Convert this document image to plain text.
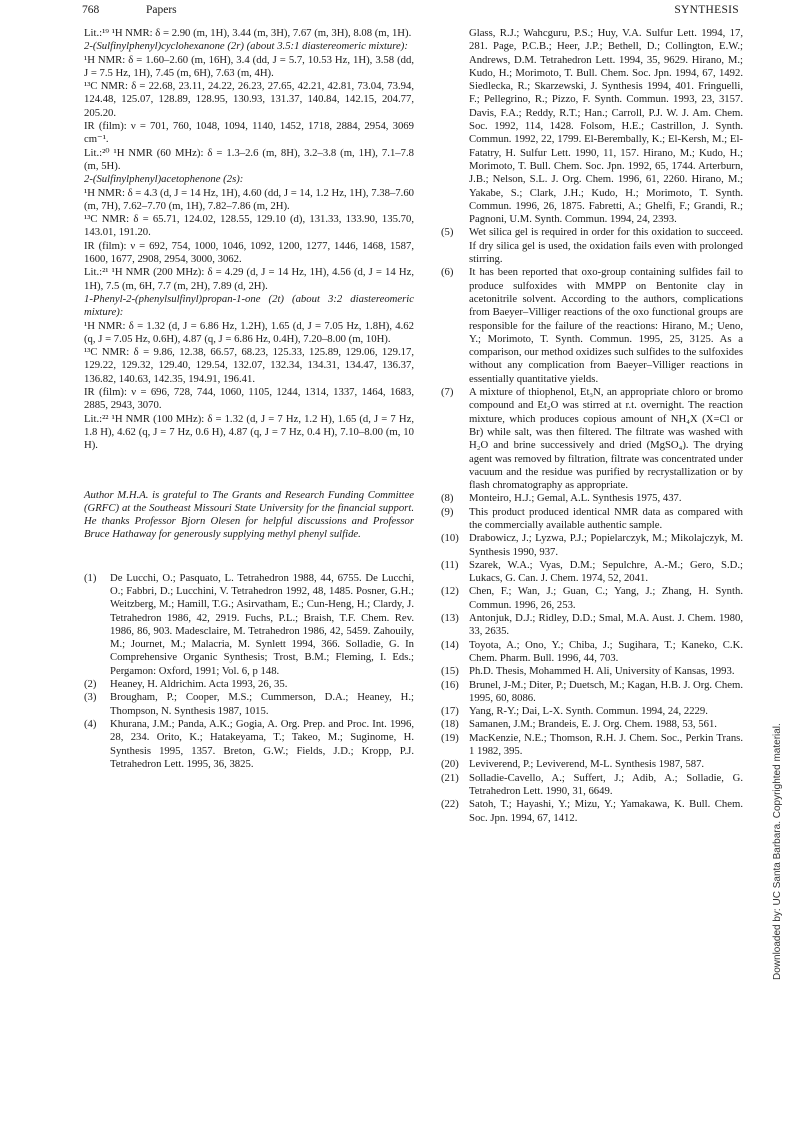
768	Papers	SYNTHESIS

Lit.:¹⁹ ¹H NMR: δ = 2.90 (m, 1H), 3.44 (m, 3H), 7.67 (m, 3H), 8.08 (m, 1H).

2-(Sulfinylphenyl)cyclohexanone (2r) (about 3.5:1 diastereomeric mixture):

¹H NMR: δ = 1.60–2.60 (m, 16H), 3.4 (dd, J = 5.7, 10.53 Hz, 1H), 3.58 (dd, J = 7.5 Hz, 1H), 7.45 (m, 6H), 7.63 (m, 4H).

¹³C NMR: δ = 22.68, 23.11, 24.22, 26.23, 27.65, 42.21, 42.81, 73.04, 73.94, 124.48, 125.07, 128.89, 128.95, 130.93, 131.37, 140.84, 142.15, 204.77, 205.20.

IR (film): ν = 701, 760, 1048, 1094, 1140, 1452, 1718, 2884, 2954, 3069 cm⁻¹.

Lit.:²⁰ ¹H NMR (60 MHz): δ = 1.3–2.6 (m, 8H), 3.2–3.8 (m, 1H), 7.1–7.8 (m, 5H).

2-(Sulfinylphenyl)acetophenone (2s):

¹H NMR: δ = 4.3 (d, J = 14 Hz, 1H), 4.60 (dd, J = 14, 1.2 Hz, 1H), 7.38–7.60 (m, 7H), 7.62–7.70 (m, 1H), 7.82–7.86 (m, 2H).

¹³C NMR: δ = 65.71, 124.02, 128.55, 129.10 (d), 131.33, 133.90, 135.70, 143.01, 191.20.

IR (film): ν = 692, 754, 1000, 1046, 1092, 1200, 1277, 1446, 1468, 1587, 1600, 1677, 2908, 2954, 3000, 3062.

Lit.:²¹ ¹H NMR (200 MHz): δ = 4.29 (d, J = 14 Hz, 1H), 4.56 (d, J = 14 Hz, 1H), 7.5 (m, 6H, 7.7 (m, 2H), 7.89 (d, 2H).

1-Phenyl-2-(phenylsulfinyl)propan-1-one (2t) (about 3:2 diastereomeric mixture):

¹H NMR: δ = 1.32 (d, J = 6.86 Hz, 1.2H), 1.65 (d, J = 7.05 Hz, 1.8H), 4.62 (q, J = 7.05 Hz, 0.6H), 4.87 (q, J = 6.86 Hz, 0.4H), 7.20–8.00 (m, 10H).

¹³C NMR: δ = 9.86, 12.38, 66.57, 68.23, 125.33, 125.89, 129.06, 129.17, 129.22, 129.32, 129.40, 129.54, 132.07, 132.34, 134.31, 134.47, 136.37, 136.82, 140.63, 142.35, 194.91, 196.41.

IR (film): ν = 696, 728, 744, 1060, 1105, 1244, 1314, 1337, 1464, 1683, 2885, 2943, 3070.

Lit.:²² ¹H NMR (100 MHz): δ = 1.32 (d, J = 7 Hz, 1.2 H), 1.65 (d, J = 7 Hz, 1.8 H), 4.62 (q, J = 7 Hz, 0.6 H), 4.87 (q, J = 7 Hz, 0.4 H), 7.10–8.00 (m, 10 H).

Author M.H.A. is grateful to The Grants and Research Funding Committee (GRFC) at the Southeast Missouri State University for the financial support. He thanks Professor Bjorn Olesen for helpful discussions and Professor Bruce Hathaway for generously supplying methyl phenyl sulfide.

(1)	De Lucchi, O.; Pasquato, L. Tetrahedron 1988, 44, 6755. De Lucchi, O.; Fabbri, D.; Lucchini, V. Tetrahedron 1992, 48, 1485. Posner, G.H.; Weitzberg, M.; Hamill, T.G.; Asirvatham, E.; Cun-Heng, H.; Clardy, J. Tetrahedron 1986, 42, 2919. Fuchs, P.L.; Braish, T.F. Chem. Rev. 1986, 86, 903. Madesclaire, M. Tetrahedron 1986, 42, 5459. Zahouily, M.; Journet, M.; Malacria, M. Synlett 1994, 366. Solladie, G. In Comprehensive Organic Synthesis; Trost, B.M.; Fleming, I. Eds.; Pergamon: Oxford, 1991; Vol. 6, p 148.
(2)	Heaney, H. Aldrichim. Acta 1993, 26, 35.
(3)	Brougham, P.; Cooper, M.S.; Cummerson, D.A.; Heaney, H.; Thompson, N. Synthesis 1987, 1015.
(4)	Khurana, J.M.; Panda, A.K.; Gogia, A. Org. Prep. and Proc. Int. 1996, 28, 234. Orito, K.; Hatakeyama, T.; Takeo, M.; Suginome, H. Synthesis 1995, 1357. Breton, G.W.; Fields, J.D.; Kropp, P.J. Tetrahedron Lett. 1995, 36, 3825.
Glass, R.J.; Wahcguru, P.S.; Huy, V.A. Sulfur Lett. 1994, 17, 281. Page, P.C.B.; Heer, J.P.; Bethell, D.; Collington, E.W.; Andrews, D.M. Tetrahedron Lett. 1994, 35, 9629. Hirano, M.; Kudo, H.; Morimoto, T. Bull. Chem. Soc. Jpn. 1994, 67, 1492. Siedlecka, R.; Skarzewski, J. Synthesis 1994, 401. Fringuelli, F.; Pellegrino, R.; Pizzo, F. Synth. Commun. 1993, 23, 3157. Davis, F.A.; Reddy, R.T.; Han.; Carroll, P.J. W. J. Am. Chem. Soc. 1992, 114, 1428. Folsom, H.E.; Castrillon, J. Synth. Commun. 1992, 22, 1799. El-Berembally, K.; El-Kersh, M.; El-Fatatry, H. Sulfur Lett. 1990, 11, 157. Hirano, M.; Kudo, H.; Morimoto, T. Bull. Chem. Soc. Jpn. 1992, 65, 1744. Arterburn, J.B.; Nelson, S.L. J. Org. Chem. 1996, 61, 2260. Hirano, M.; Yakabe, S.; Clark, J.H.; Kudo, H.; Morimoto, T. Synth. Commun. 1996, 26, 1875. Fabretti, A.; Ghelfi, F.; Grandi, R.; Pagnoni, U.M. Synth. Commun. 1994, 24, 2393.
(5)	Wet silica gel is required in order for this oxidation to succeed. If dry silica gel is used, the oxidation fails even with prolonged stirring.
(6)	It has been reported that oxo-group containing sulfides fail to produce sulfoxides with MMPP on Bentonite clay in acetonitrile solvent. According to the authors, complications from Baeyer–Villiger reactions of the oxo functional groups are responsible for the failure of the reactions: Hirano, M.; Ueno, Y.; Morimoto, T. Synth. Commun. 1995, 25, 3125. As a comparison, our method oxidizes such sulfides to the sulfoxides without any complication from Baeyer–Villiger reactions in essentially quantitative yields.
(7)	A mixture of thiophenol, Et₃N, an appropriate chloro or bromo compound and Et₂O was stirred at r.t. overnight. The reaction mixture, which produces copious amount of NH₄X (X=Cl or Br) while salt, was then filtered. The filtrate was washed with H₂O and brine successively and dried (MgSO₄). The drying agent was removed by filtration, filtrate was concentrated under vacuum and the residue was purified by recrystallization or by flash chromatography as appropriate.
(8)	Monteiro, H.J.; Gemal, A.L. Synthesis 1975, 437.
(9)	This product produced identical NMR data as compared with the commercially available authentic sample.
(10) Drabowicz, J.; Lyzwa, P.J.; Popielarczyk, M.; Mikolajczyk, M. Synthesis 1990, 937.
(11) Szarek, W.A.; Vyas, D.M.; Sepulchre, A.-M.; Gero, S.D.; Lukacs, G. Can. J. Chem. 1974, 52, 2041.
(12) Chen, F.; Wan, J.; Guan, C.; Yang, J.; Zhang, H. Synth. Commun. 1996, 26, 253.
(13) Antonjuk, D.J.; Ridley, D.D.; Smal, M.A. Aust. J. Chem. 1980, 33, 2635.
(14) Toyota, A.; Ono, Y.; Chiba, J.; Sugihara, T.; Kaneko, C.K. Chem. Pharm. Bull. 1996, 44, 703.
(15) Ph.D. Thesis, Mohammed H. Ali, University of Kansas, 1993.
(16) Brunel, J-M.; Diter, P.; Duetsch, M.; Kagan, H.B. J. Org. Chem. 1995, 60, 8086.
(17) Yang, R-Y.; Dai, L-X. Synth. Commun. 1994, 24, 2229.
(18) Samanen, J.M.; Brandeis, E. J. Org. Chem. 1988, 53, 561.
(19) MacKenzie, N.E.; Thomson, R.H. J. Chem. Soc., Perkin Trans. 1 1982, 395.
(20) Leviverend, P.; Leviverend, M-L. Synthesis 1987, 587.
(21) Solladie-Cavello, A.; Suffert, J.; Adib, A.; Solladie, G. Tetrahedron Lett. 1990, 31, 6649.
(22) Satoh, T.; Hayashi, Y.; Mizu, Y.; Yamakawa, K. Bull. Chem. Soc. Jpn. 1994, 67, 1412.	Downloaded by: UC Santa Barbara. Copyrighted material.
